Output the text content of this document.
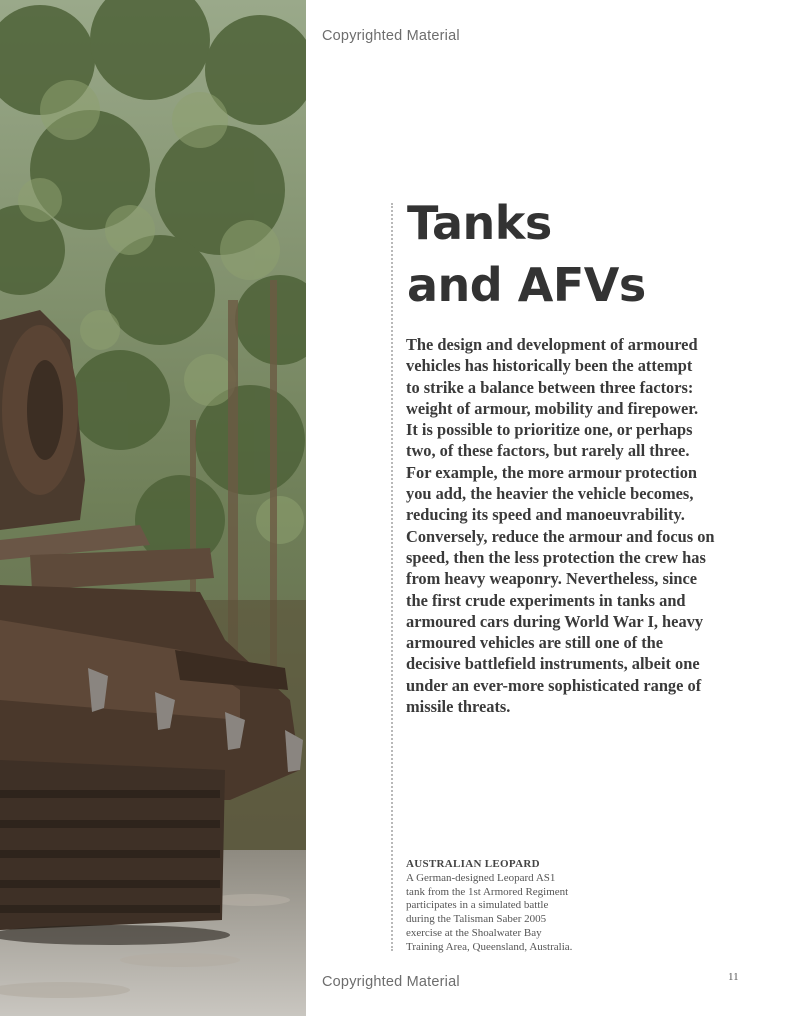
Copyrighted Material
Tanks
and AFVs

The design and development of armoured
vehicles has historically been the attempt
to strike a balance between three factors:
weight of armour, mobility and firepower.
It is possible to prioritize one, or perhaps
two, of these factors, but rarely all three.
For example, the more armour protection
you add, the heavier the vehicle becomes,
reducing its speed and manoeuvrability.
Conversely, reduce the armour and focus on
speed, then the less protection the crew has
from heavy weaponry. Nevertheless, since
the first crude experiments in tanks and
armoured cars during World War I, heavy
armoured vehicles are still one of the
decisive battlefield instruments, albeit one
under an ever-more sophisticated range of
missile threats.

AUSTRALIAN LEOPARD
A German-designed Leopard AS1
tank from the 1st Armored Regiment
participates in a simulated battle
during the Talisman Saber 2005
exercise at the Shoalwater Bay
Training Area, Queensland, Australia.
11
Copyrighted Material
